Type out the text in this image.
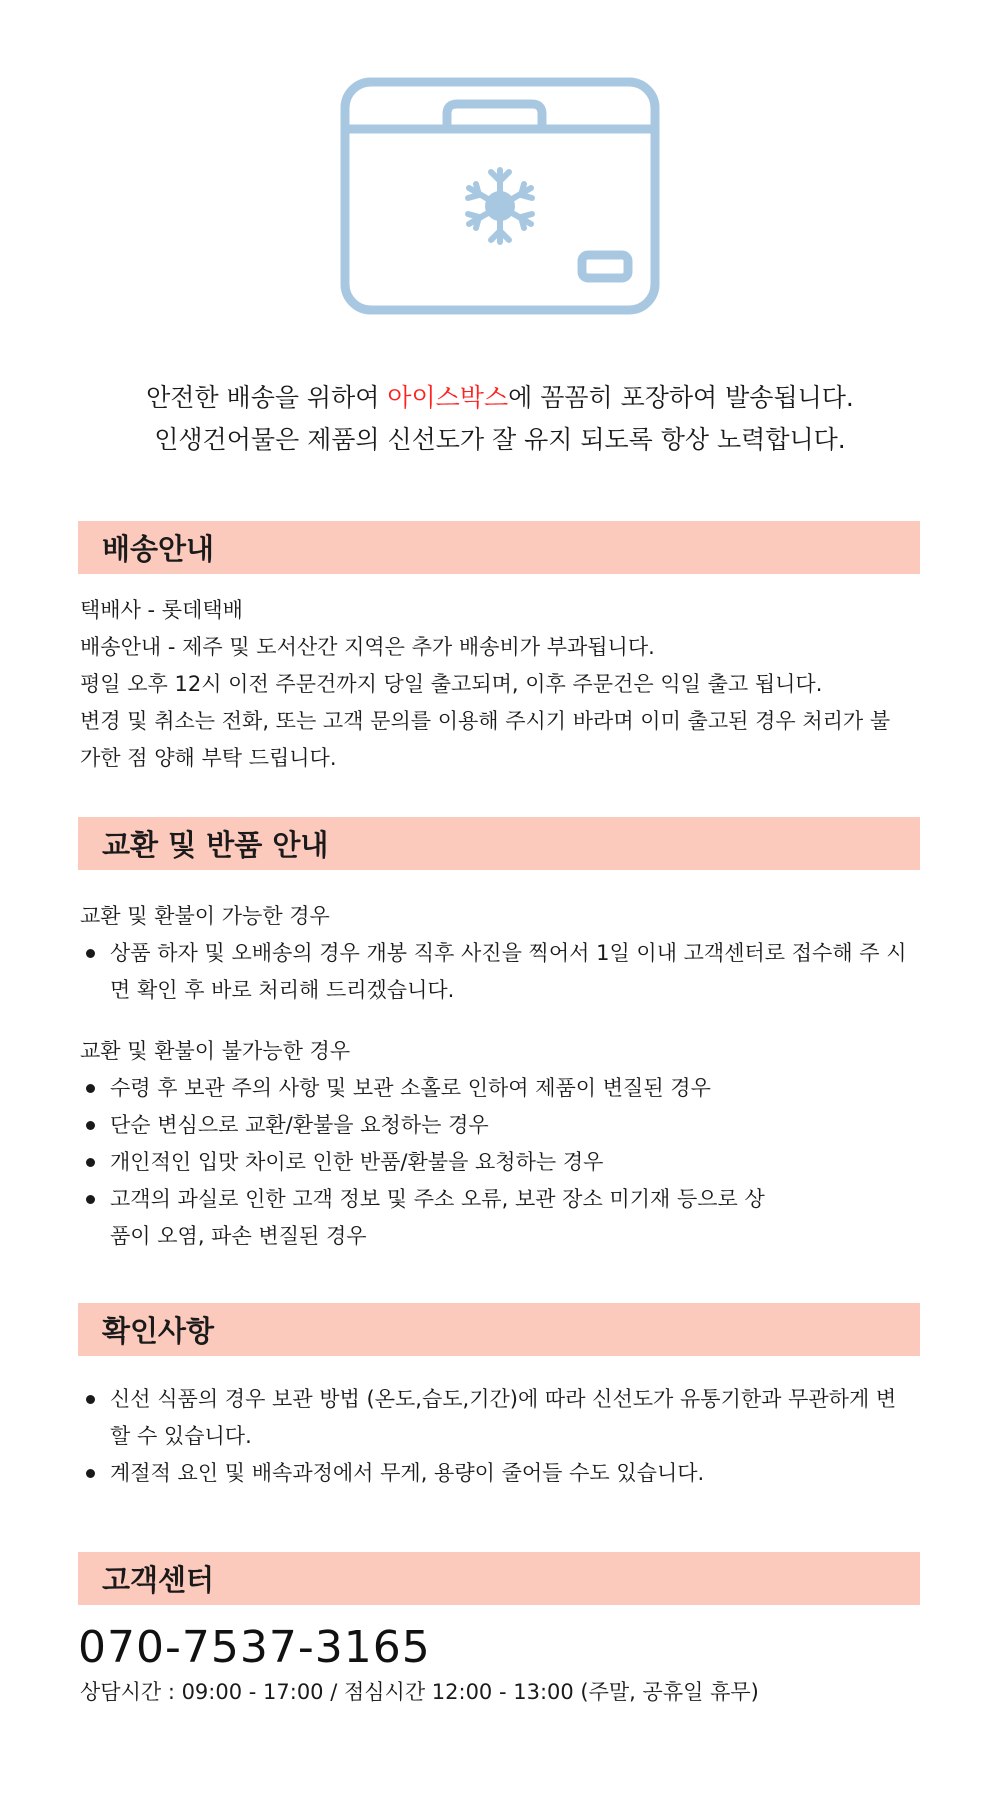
안전한 배송을 위하여 아이스박스에 꼼꼼히 포장하여 발송됩니다.
인생건어물은 제품의 신선도가 잘 유지 되도록 항상 노력합니다.
배송안내
택배사 - 롯데택배
배송안내 - 제주 및 도서산간 지역은 추가 배송비가 부과됩니다.
평일 오후 12시 이전 주문건까지 당일 출고되며, 이후 주문건은 익일 출고 됩니다.
변경 및 취소는 전화, 또는 고객 문의를 이용해 주시기 바라며 이미 출고된 경우 처리가 불
가한 점 양해 부탁 드립니다.
교환 및 반품 안내
교환 및 환불이 가능한 경우
상품 하자 및 오배송의 경우 개봉 직후 사진을 찍어서 1일 이내 고객센터로 접수해 주 시면 확인 후 바로 처리해 드리겠습니다.
교환 및 환불이 불가능한 경우
수령 후 보관 주의 사항 및 보관 소홀로 인하여 제품이 변질된 경우
단순 변심으로 교환/환불을 요청하는 경우
개인적인 입맛 차이로 인한 반품/환불을 요청하는 경우
고객의 과실로 인한 고객 정보 및 주소 오류, 보관 장소 미기재 등으로 상품이 오염, 파손 변질된 경우
확인사항
신선 식품의 경우 보관 방법 (온도,습도,기간)에 따라 신선도가 유통기한과 무관하게 변할 수 있습니다.
계절적 요인 및 배속과정에서 무게, 용량이 줄어들 수도 있습니다.
고객센터
070-7537-3165
상담시간 : 09:00 - 17:00 / 점심시간 12:00 - 13:00 (주말, 공휴일 휴무)
